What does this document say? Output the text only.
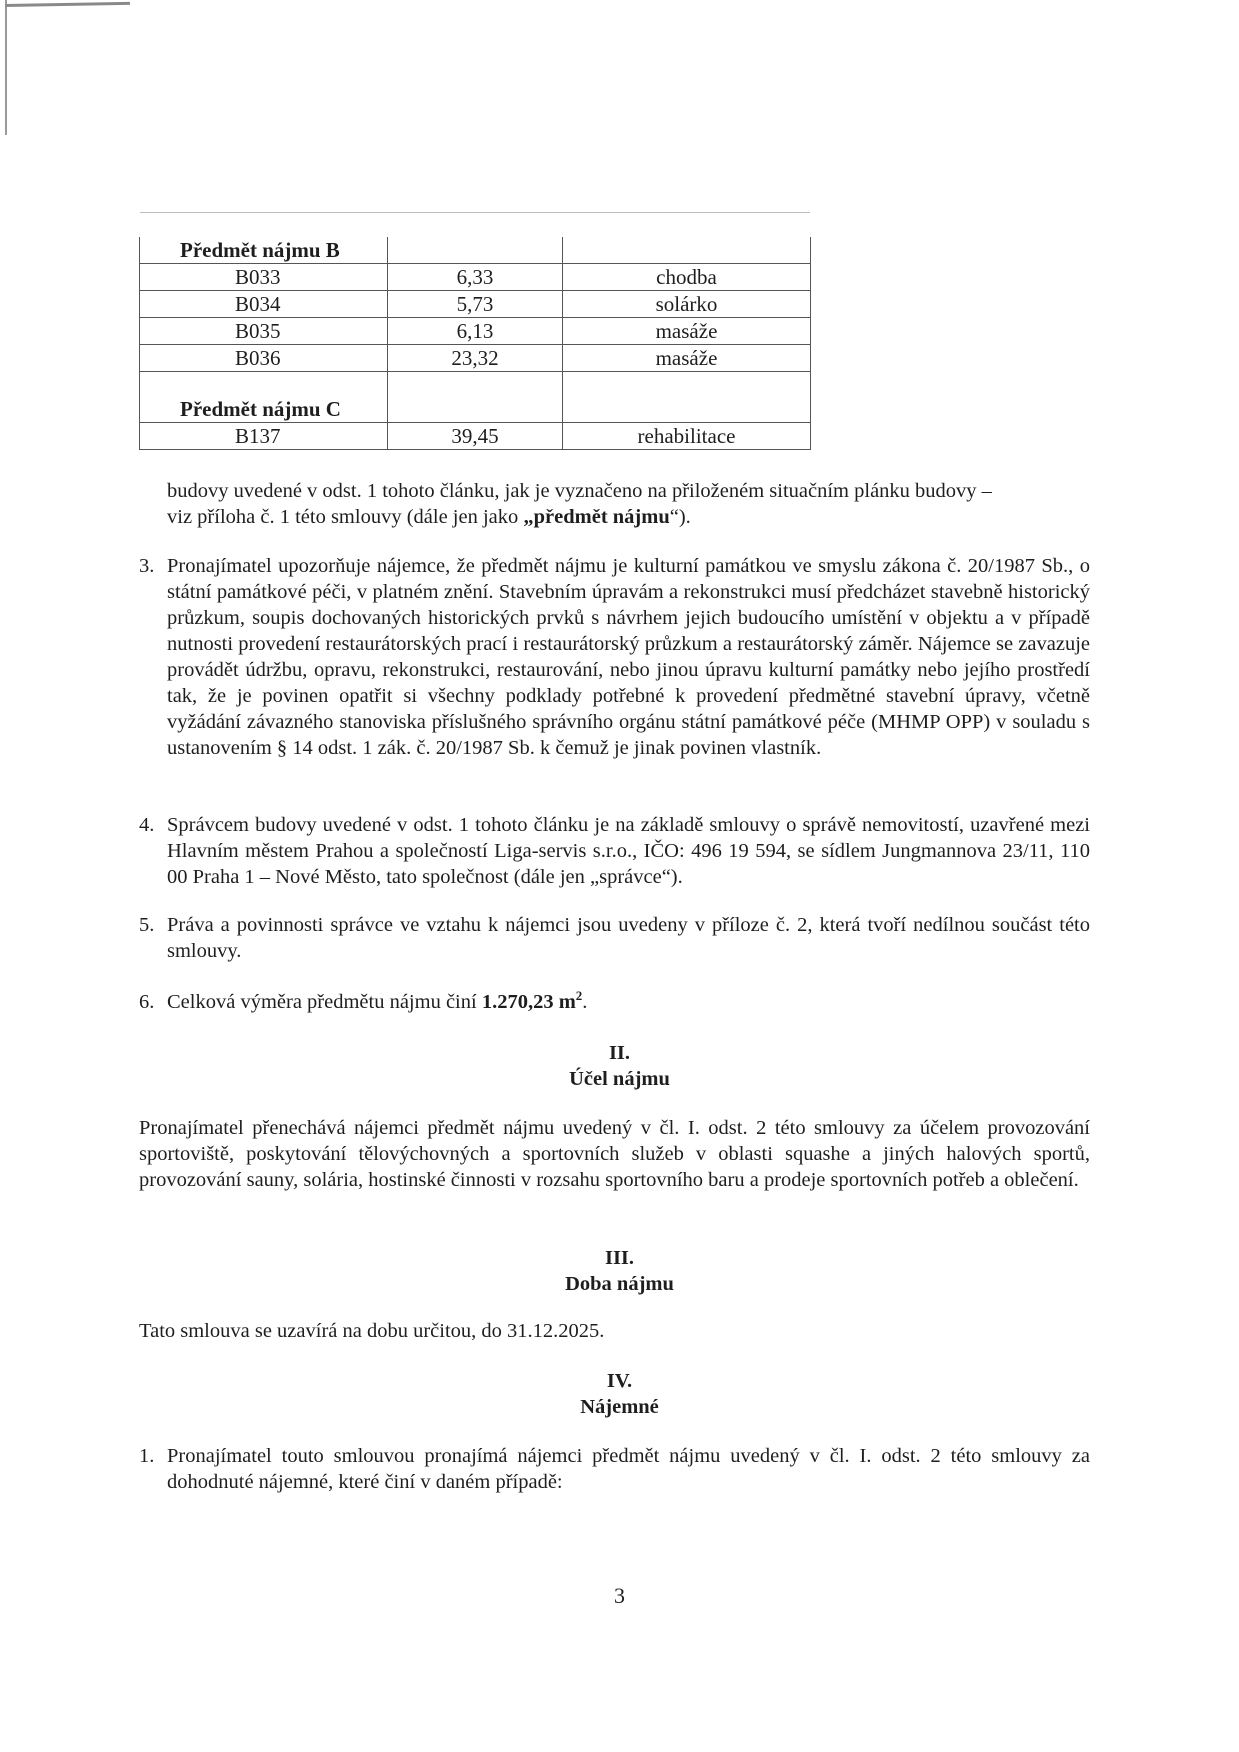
Předmět nájmu B		
B033	6,33	chodba
B034	5,73	solárko
B035	6,13	masáže
B036	23,32	masáže

Předmět nájmu C		
B137	39,45	rehabilitace
budovy uvedené v odst. 1 tohoto článku, jak je vyznačeno na přiloženém situačním plánku budovy –
viz příloha č. 1 této smlouvy (dále jen jako „předmět nájmu“).
3. Pronajímatel upozorňuje nájemce, že předmět nájmu je kulturní památkou ve smyslu zákona č. 20/1987 Sb., o státní památkové péči, v platném znění. Stavebním úpravám a rekonstrukci musí předcházet stavebně historický průzkum, soupis dochovaných historických prvků s návrhem jejich budoucího umístění v objektu a v případě nutnosti provedení restaurátorských prací i restaurátorský průzkum a restaurátorský záměr. Nájemce se zavazuje provádět údržbu, opravu, rekonstrukci, restaurování, nebo jinou úpravu kulturní památky nebo jejího prostředí tak, že je povinen opatřit si všechny podklady potřebné k provedení předmětné stavební úpravy, včetně vyžádání závazného stanoviska příslušného správního orgánu státní památkové péče (MHMP OPP) v souladu s ustanovením § 14 odst. 1 zák. č. 20/1987 Sb. k čemuž je jinak povinen vlastník.
4. Správcem budovy uvedené v odst. 1 tohoto článku je na základě smlouvy o správě nemovitostí, uzavřené mezi Hlavním městem Prahou a společností Liga-servis s.r.o., IČO: 496 19 594, se sídlem Jungmannova 23/11, 110 00 Praha 1 – Nové Město, tato společnost (dále jen „správce“).
5. Práva a povinnosti správce ve vztahu k nájemci jsou uvedeny v příloze č. 2, která tvoří nedílnou součást této smlouvy.
6. Celková výměra předmětu nájmu činí 1.270,23 $m^2$.
II.
Účel nájmu
Pronajímatel přenechává nájemci předmět nájmu uvedený v čl. I. odst. 2 této smlouvy za účelem provozování sportoviště, poskytování tělovýchovných a sportovních služeb v oblasti squashe a jiných halových sportů, provozování sauny, solária, hostinské činnosti v rozsahu sportovního baru a prodeje sportovních potřeb a oblečení.
III.
Doba nájmu
Tato smlouva se uzavírá na dobu určitou, do 31.12.2025.
IV.
Nájemné
1. Pronajímatel touto smlouvou pronajímá nájemci předmět nájmu uvedený v čl. I. odst. 2 této smlouvy za dohodnuté nájemné, které činí v daném případě:
3
